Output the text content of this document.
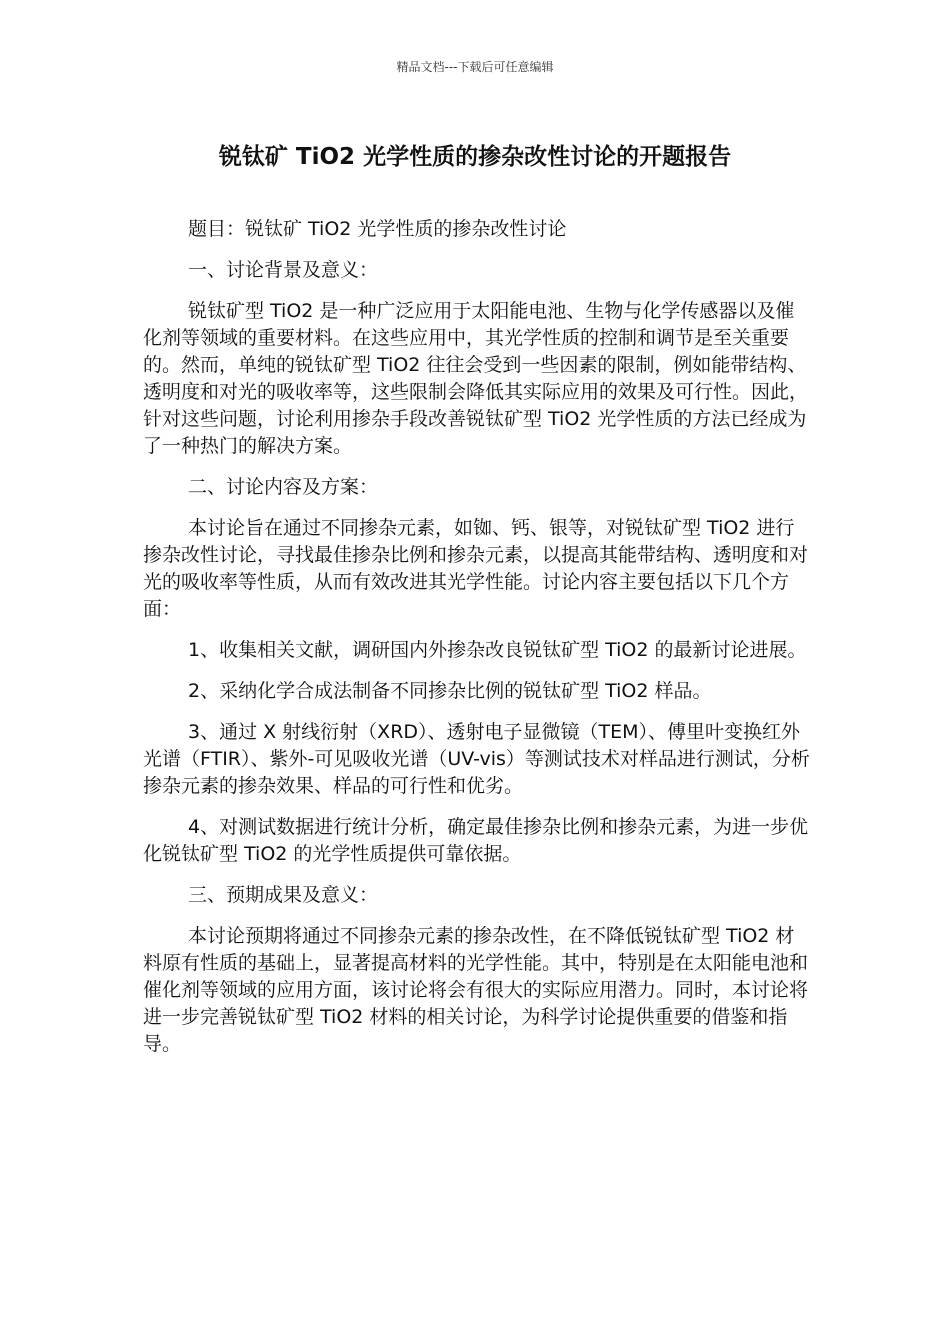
精品文档---下载后可任意编辑
锐钛矿 TiO2 光学性质的掺杂改性讨论的开题报告

题目：锐钛矿 TiO2 光学性质的掺杂改性讨论

一、讨论背景及意义：

锐钛矿型 TiO2 是一种广泛应用于太阳能电池、生物与化学传感器以及催化剂等领域的重要材料。在这些应用中，其光学性质的控制和调节是至关重要的。然而，单纯的锐钛矿型 TiO2 往往会受到一些因素的限制，例如能带结构、透明度和对光的吸收率等，这些限制会降低其实际应用的效果及可行性。因此，针对这些问题，讨论利用掺杂手段改善锐钛矿型 TiO2 光学性质的方法已经成为了一种热门的解决方案。

二、讨论内容及方案：

本讨论旨在通过不同掺杂元素，如铷、钙、银等，对锐钛矿型 TiO2 进行掺杂改性讨论，寻找最佳掺杂比例和掺杂元素，以提高其能带结构、透明度和对光的吸收率等性质，从而有效改进其光学性能。讨论内容主要包括以下几个方面：

1、收集相关文献，调研国内外掺杂改良锐钛矿型 TiO2 的最新讨论进展。

2、采纳化学合成法制备不同掺杂比例的锐钛矿型 TiO2 样品。

3、通过 X 射线衍射（XRD）、透射电子显微镜（TEM）、傅里叶变换红外光谱（FTIR）、紫外-可见吸收光谱（UV-vis）等测试技术对样品进行测试，分析掺杂元素的掺杂效果、样品的可行性和优劣。

4、对测试数据进行统计分析，确定最佳掺杂比例和掺杂元素，为进一步优化锐钛矿型 TiO2 的光学性质提供可靠依据。

三、预期成果及意义：

本讨论预期将通过不同掺杂元素的掺杂改性，在不降低锐钛矿型 TiO2 材料原有性质的基础上，显著提高材料的光学性能。其中，特别是在太阳能电池和催化剂等领域的应用方面，该讨论将会有很大的实际应用潜力。同时，本讨论将进一步完善锐钛矿型 TiO2 材料的相关讨论，为科学讨论提供重要的借鉴和指导。
